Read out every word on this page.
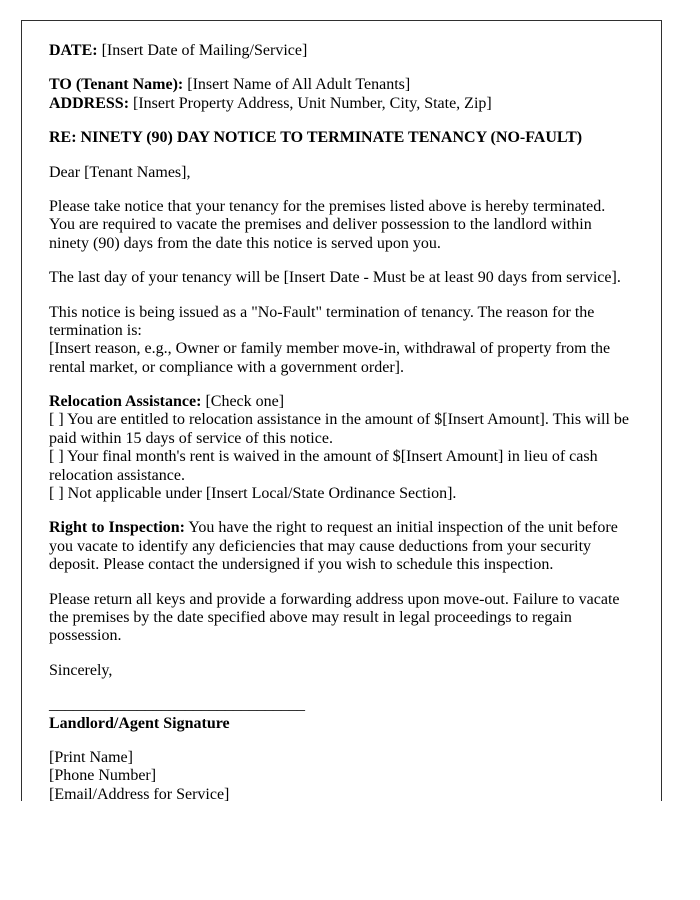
DATE: [Insert Date of Mailing/Service]

TO (Tenant Name): [Insert Name of All Adult Tenants]
ADDRESS: [Insert Property Address, Unit Number, City, State, Zip]

RE: NINETY (90) DAY NOTICE TO TERMINATE TENANCY (NO-FAULT)

Dear [Tenant Names],

Please take notice that your tenancy for the premises listed above is hereby terminated. You are required to vacate the premises and deliver possession to the landlord within ninety (90) days from the date this notice is served upon you.

The last day of your tenancy will be [Insert Date - Must be at least 90 days from service].

This notice is being issued as a "No-Fault" termination of tenancy. The reason for the termination is:
[Insert reason, e.g., Owner or family member move-in, withdrawal of property from the rental market, or compliance with a government order].

Relocation Assistance: [Check one]
[ ] You are entitled to relocation assistance in the amount of $[Insert Amount]. This will be paid within 15 days of service of this notice.
[ ] Your final month's rent is waived in the amount of $[Insert Amount] in lieu of cash relocation assistance.
[ ] Not applicable under [Insert Local/State Ordinance Section].

Right to Inspection: You have the right to request an initial inspection of the unit before you vacate to identify any deficiencies that may cause deductions from your security deposit. Please contact the undersigned if you wish to schedule this inspection.

Please return all keys and provide a forwarding address upon move-out. Failure to vacate the premises by the date specified above may result in legal proceedings to regain possession.

Sincerely,

________________________________
Landlord/Agent Signature

[Print Name]
[Phone Number]
[Email/Address for Service]
